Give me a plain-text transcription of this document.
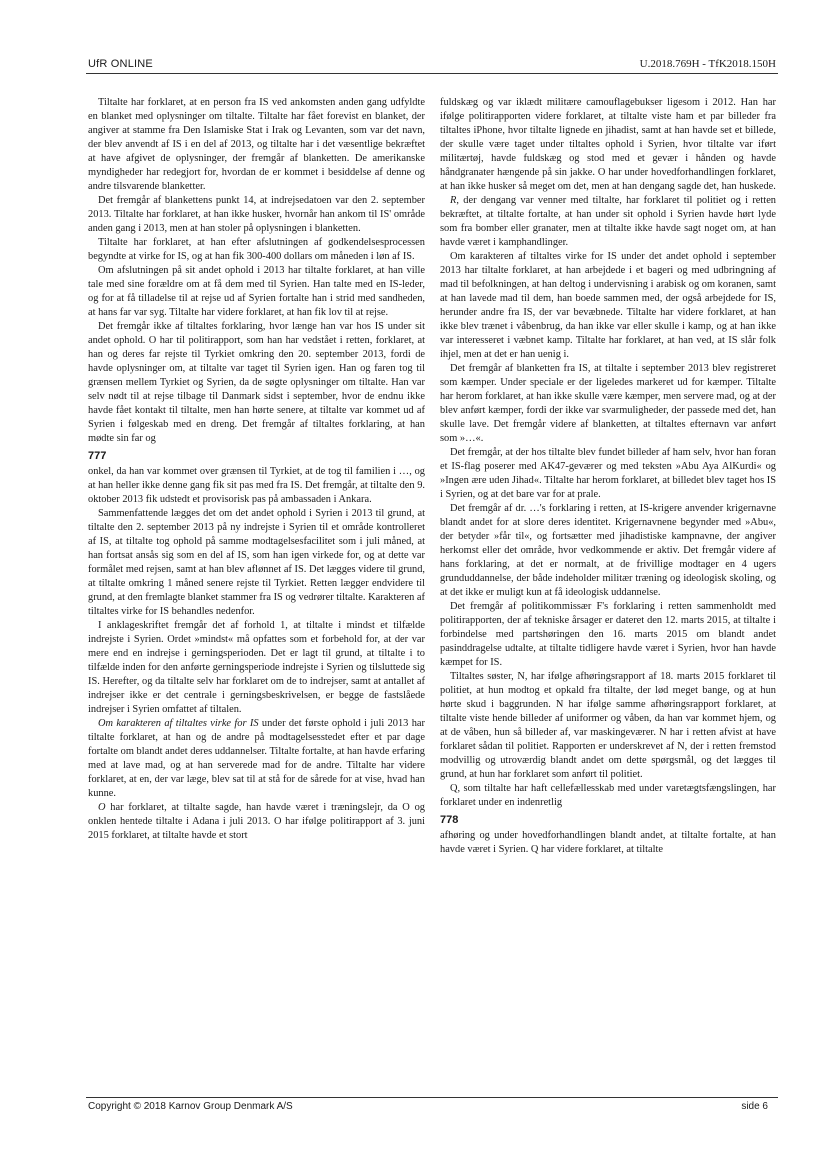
UfR ONLINE	U.2018.769H - TfK2018.150H

Tiltalte har forklaret, at en person fra IS ved ankomsten anden gang udfyldte en blanket med oplysninger om tiltalte. Tiltalte har fået forevist en blanket, der angiver at stamme fra Den Islamiske Stat i Irak og Levanten, som var det navn, der blev anvendt af IS i en del af 2013, og tiltalte har i det væsentlige bekræftet at have afgivet de oplysninger, der fremgår af blanketten. De amerikanske myndigheder har redegjort for, hvordan de er kommet i besiddelse af denne og andre tilsvarende blanketter.

Det fremgår af blankettens punkt 14, at indrejsedatoen var den 2. september 2013. Tiltalte har forklaret, at han ikke husker, hvornår han ankom til IS' område anden gang i 2013, men at han stoler på oplysningen i blanketten.

Tiltalte har forklaret, at han efter afslutningen af godkendelsesprocessen begyndte at virke for IS, og at han fik 300-400 dollars om måneden i løn af IS.

Om afslutningen på sit andet ophold i 2013 har tiltalte forklaret, at han ville tale med sine forældre om at få dem med til Syrien. Han talte med en IS-leder, og for at få tilladelse til at rejse ud af Syrien fortalte han i strid med sandheden, at hans far var syg. Tiltalte har videre forklaret, at han fik lov til at rejse.

Det fremgår ikke af tiltaltes forklaring, hvor længe han var hos IS under sit andet ophold. O har til politirapport, som han har vedstået i retten, forklaret, at han og deres far rejste til Tyrkiet omkring den 20. september 2013, fordi de havde oplysninger om, at tiltalte var taget til Syrien igen. Han og faren tog til grænsen mellem Tyrkiet og Syrien, da de søgte oplysninger om tiltalte. Han var selv nødt til at rejse tilbage til Danmark sidst i september, hvor de endnu ikke havde fået kontakt til tiltalte, men han hørte senere, at tiltalte var kommet ud af Syrien i følgeskab med en dreng. Det fremgår af tiltaltes forklaring, at han mødte sin far og

777

onkel, da han var kommet over grænsen til Tyrkiet, at de tog til familien i …, og at han heller ikke denne gang fik sit pas med fra IS. Det fremgår, at tiltalte den 9. oktober 2013 fik udstedt et provisorisk pas på ambassaden i Ankara.

Sammenfattende lægges det om det andet ophold i Syrien i 2013 til grund, at tiltalte den 2. september 2013 på ny indrejste i Syrien til et område kontrolleret af IS, at tiltalte tog ophold på samme modtagelsesfacilitet som i juli måned, at han fortsat ansås sig som en del af IS, som han igen virkede for, og at dette var formålet med rejsen, samt at han blev aflønnet af IS. Det lægges videre til grund, at tiltalte omkring 1 måned senere rejste til Tyrkiet. Retten lægger endvidere til grund, at den fremlagte blanket stammer fra IS og vedrører tiltalte. Karakteren af tiltaltes virke for IS behandles nedenfor.

I anklageskriftet fremgår det af forhold 1, at tiltalte i mindst et tilfælde indrejste i Syrien. Ordet »mindst« må opfattes som et forbehold for, at der var mere end en indrejse i gerningsperioden. Det er lagt til grund, at tiltalte i to tilfælde inden for den anførte gerningsperiode indrejste i Syrien og tilsluttede sig IS. Herefter, og da tiltalte selv har forklaret om de to indrejser, samt at antallet af indrejser ikke er det centrale i gerningsbeskrivelsen, er begge de fastslåede indrejser i Syrien omfattet af tiltalen.

Om karakteren af tiltaltes virke for IS under det første ophold i juli 2013 har tiltalte forklaret, at han og de andre på modtagelsesstedet efter et par dage fortalte om blandt andet deres uddannelser. Tiltalte fortalte, at han havde erfaring med at lave mad, og at han serverede mad for de andre. Tiltalte har videre forklaret, at en, der var læge, blev sat til at stå for de sårede for at vise, hvad han kunne.

O har forklaret, at tiltalte sagde, han havde været i træningslejr, da O og onklen hentede tiltalte i Adana i juli 2013. O har ifølge politirapport af 3. juni 2015 forklaret, at tiltalte havde et stort

fuldskæg og var iklædt militære camouflagebukser ligesom i 2012. Han har ifølge politirapporten videre forklaret, at tiltalte viste ham et par billeder fra tiltaltes iPhone, hvor tiltalte lignede en jihadist, samt at han havde set et billede, der skulle være taget under tiltaltes ophold i Syrien, hvor tiltalte var iført militærtøj, havde fuldskæg og stod med et gevær i hånden og havde håndgranater hængende på sin jakke. O har under hovedforhandlingen forklaret, at han ikke husker så meget om det, men at han dengang sagde det, han huskede.

R, der dengang var venner med tiltalte, har forklaret til politiet og i retten bekræftet, at tiltalte fortalte, at han under sit ophold i Syrien havde hørt lyde som fra bomber eller granater, men at tiltalte ikke havde sagt noget om, at han havde været i kamphandlinger.

Om karakteren af tiltaltes virke for IS under det andet ophold i september 2013 har tiltalte forklaret, at han arbejdede i et bageri og med udbringning af mad til befolkningen, at han deltog i undervisning i arabisk og om koranen, samt at han lavede mad til dem, han boede sammen med, der også arbejdede for IS, herunder andre fra IS, der var bevæbnede. Tiltalte har videre forklaret, at han ikke blev trænet i våbenbrug, da han ikke var eller skulle i kamp, og at han ikke var interesseret i væbnet kamp. Tiltalte har forklaret, at han ved, at IS slår folk ihjel, men at det er han uenig i.

Det fremgår af blanketten fra IS, at tiltalte i september 2013 blev registreret som kæmper. Under speciale er der ligeledes markeret ud for kæmper. Tiltalte har herom forklaret, at han ikke skulle være kæmper, men servere mad, og at der blev anført kæmper, fordi der ikke var svarmuligheder, der passede med det, han skulle lave. Det fremgår videre af blanketten, at tiltaltes efternavn var anført som »…«.

Det fremgår, at der hos tiltalte blev fundet billeder af ham selv, hvor han foran et IS-flag poserer med AK47-geværer og med teksten »Abu Aya AlKurdi« og »Ingen ære uden Jihad«. Tiltalte har herom forklaret, at billedet blev taget hos IS i Syrien, og at det bare var for at prale.

Det fremgår af dr. …'s forklaring i retten, at IS-krigere anvender krigernavne blandt andet for at slore deres identitet. Krigernavnene begynder med »Abu«, der betyder »får til«, og fortsætter med jihadistiske kampnavne, der angiver herkomst eller det område, hvor vedkommende er aktiv. Det fremgår videre af hans forklaring, at det er normalt, at de frivillige modtager en 4 ugers grunduddannelse, der både indeholder militær træning og ideologisk skoling, og at det ikke er muligt kun at få ideologisk uddannelse.

Det fremgår af politikommissær F's forklaring i retten sammenholdt med politirapporten, der af tekniske årsager er dateret den 12. marts 2015, at tiltalte i forbindelse med partshøringen den 16. marts 2015 om blandt andet pasinddragelse udtalte, at tiltalte tidligere havde været i Syrien, hvor han havde kæmpet for IS.

Tiltaltes søster, N, har ifølge afhøringsrapport af 18. marts 2015 forklaret til politiet, at hun modtog et opkald fra tiltalte, der lød meget bange, og at hun hørte skud i baggrunden. N har ifølge samme afhøringsrapport forklaret, at tiltalte viste hende billeder af uniformer og våben, da han var kommet hjem, og at de våben, hun så billeder af, var maskingeværer. N har i retten afvist at have forklaret sådan til politiet. Rapporten er underskrevet af N, der i retten fremstod modvillig og utroværdig blandt andet om dette spørgsmål, og det lægges til grund, at hun har forklaret som anført til politiet.

Q, som tiltalte har haft cellefællesskab med under varetægtsfængslingen, har forklaret under en indenretlig

778

afhøring og under hovedforhandlingen blandt andet, at tiltalte fortalte, at han havde været i Syrien. Q har videre forklaret, at tiltalte

Copyright © 2018 Karnov Group Denmark A/S	side 6
